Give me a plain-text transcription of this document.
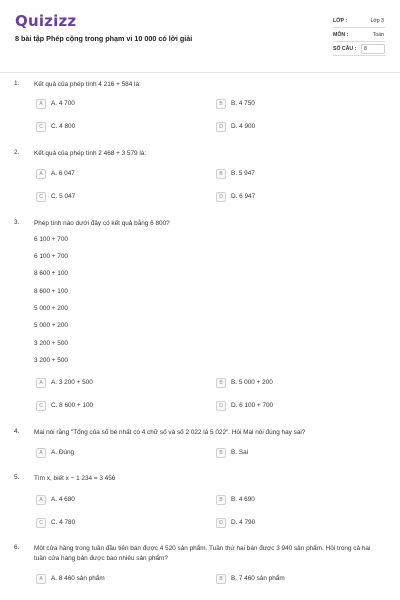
Quizizz
8 bài tập Phép cộng trong phạm vi 10 000 có lời giải
LỚP :	Lớp 3
MÔN :	Toán
SỐ CÂU :	8
1. Kết quả của phép tính 4 216 + 584 là:
A	A. 4 700	B	B. 4 750
C	C. 4 800	D	D. 4 900
2. Kết quả của phép tính 2 468 + 3 579 là:
A	A. 6 047	B	B. 5 947
C	C. 5 047	D	D. 6 947
3. Phép tính nào dưới đây có kết quả bằng 6 800?
6 100 + 700
6 100 + 700
8 600 + 100
8 600 + 100
5 000 + 200
5 000 + 200
3 200 + 500
3 200 + 500
A	A. 3 200 + 500	B	B. 5 000 + 200
C	C. 8 600 + 100	D	D. 6 100 + 700
4. Mai nói rằng "Tổng của số bé nhất có 4 chữ số và số 2 022 là 5 022". Hỏi Mai nói đúng hay sai?
A	A. Đúng	B	B. Sai
5. Tìm x, biết x − 1 234 = 3 456
A	A. 4 680	B	B. 4 690
C	C. 4 780	D	D. 4 790
6. Một cửa hàng trong tuần đầu tiên bán được 4 520 sản phẩm. Tuần thứ hai bán được 3 940 sản phẩm. Hỏi trong cả hai tuần cửa hàng bán được bao nhiêu sản phẩm?
A	A. 8 460 sản phẩm	B	B. 7 460 sản phẩm
